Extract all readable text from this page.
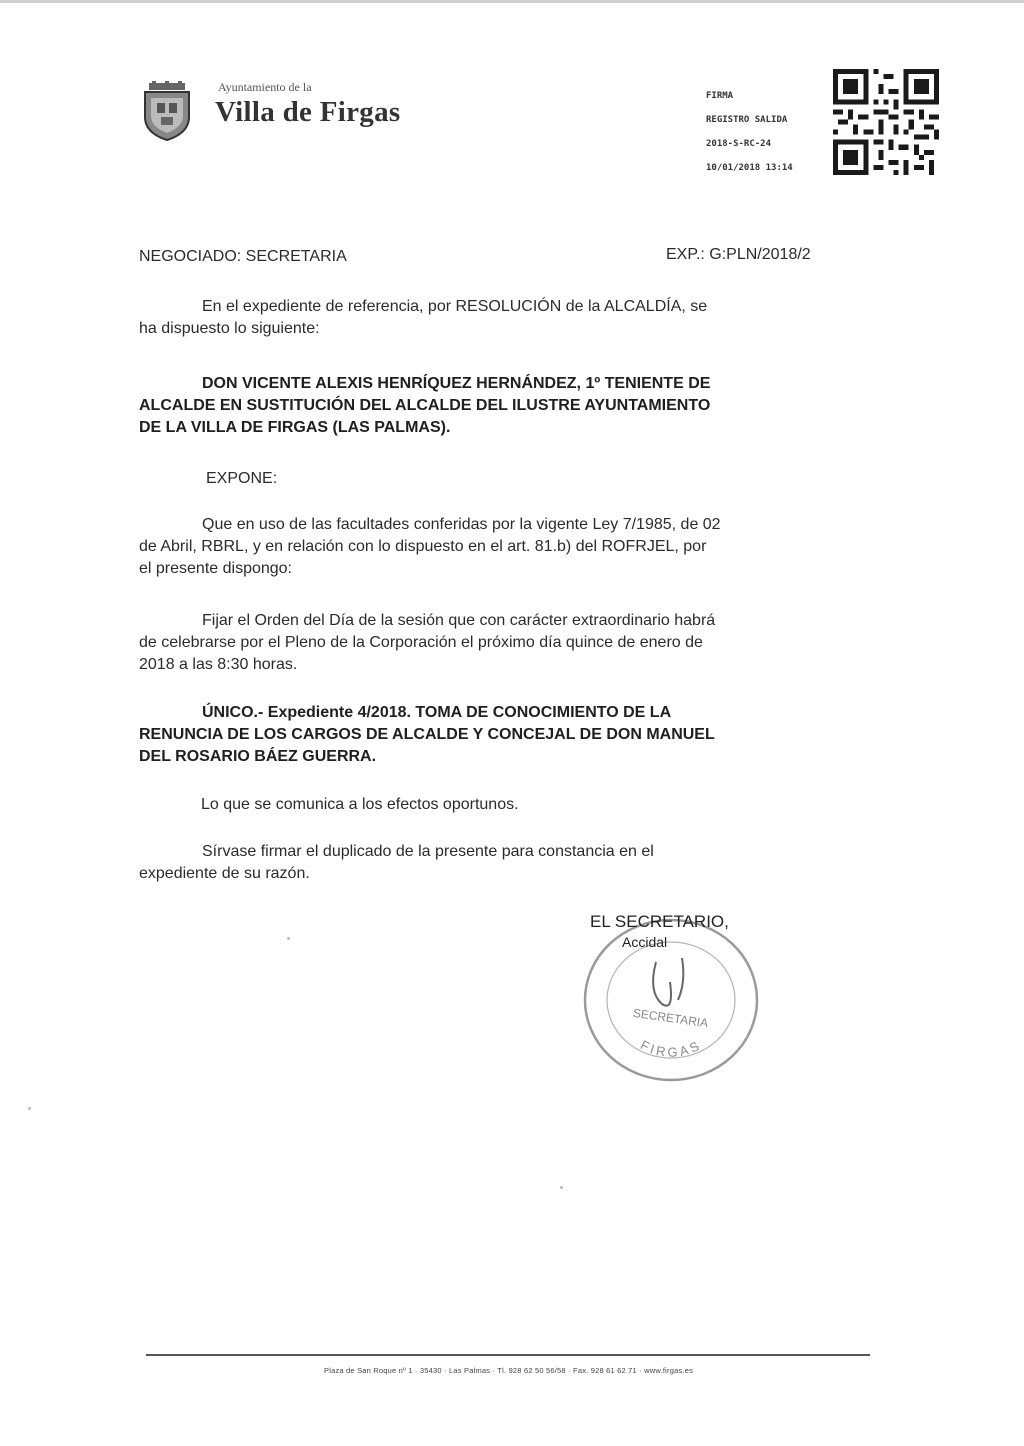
Ayuntamiento de la
Villa de Firgas	FIRMA
REGISTRO SALIDA
2018-S-RC-24
10/01/2018 13:14
NEGOCIADO: SECRETARIA	EXP.: G:PLN/2018/2
En el expediente de referencia, por RESOLUCIÓN de la ALCALDÍA, se
ha dispuesto lo siguiente:
DON VICENTE ALEXIS HENRÍQUEZ HERNÁNDEZ, 1º TENIENTE DE
ALCALDE EN SUSTITUCIÓN DEL ALCALDE DEL ILUSTRE AYUNTAMIENTO
DE LA VILLA DE FIRGAS (LAS PALMAS).
EXPONE:
Que en uso de las facultades conferidas por la vigente Ley 7/1985, de 02
de Abril, RBRL, y en relación con lo dispuesto en el art. 81.b) del ROFRJEL, por
el presente dispongo:
Fijar el Orden del Día de la sesión que con carácter extraordinario habrá
de celebrarse por el Pleno de la Corporación el próximo día quince de enero de
2018 a las 8:30 horas.
ÚNICO.- Expediente 4/2018. TOMA DE CONOCIMIENTO DE LA
RENUNCIA DE LOS CARGOS DE ALCALDE Y CONCEJAL DE DON MANUEL
DEL ROSARIO BÁEZ GUERRA.
Lo que se comunica a los efectos oportunos.
Sírvase firmar el duplicado de la presente para constancia en el
expediente de su razón.
SECRETARIA
FIRGAS
EL SECRETARIO,
Accidal
Plaza de San Roque nº 1 · 35430 · Las Palmas · Tl. 928 62 50 56/58 · Fax. 928 61 62 71 · www.firgas.es
